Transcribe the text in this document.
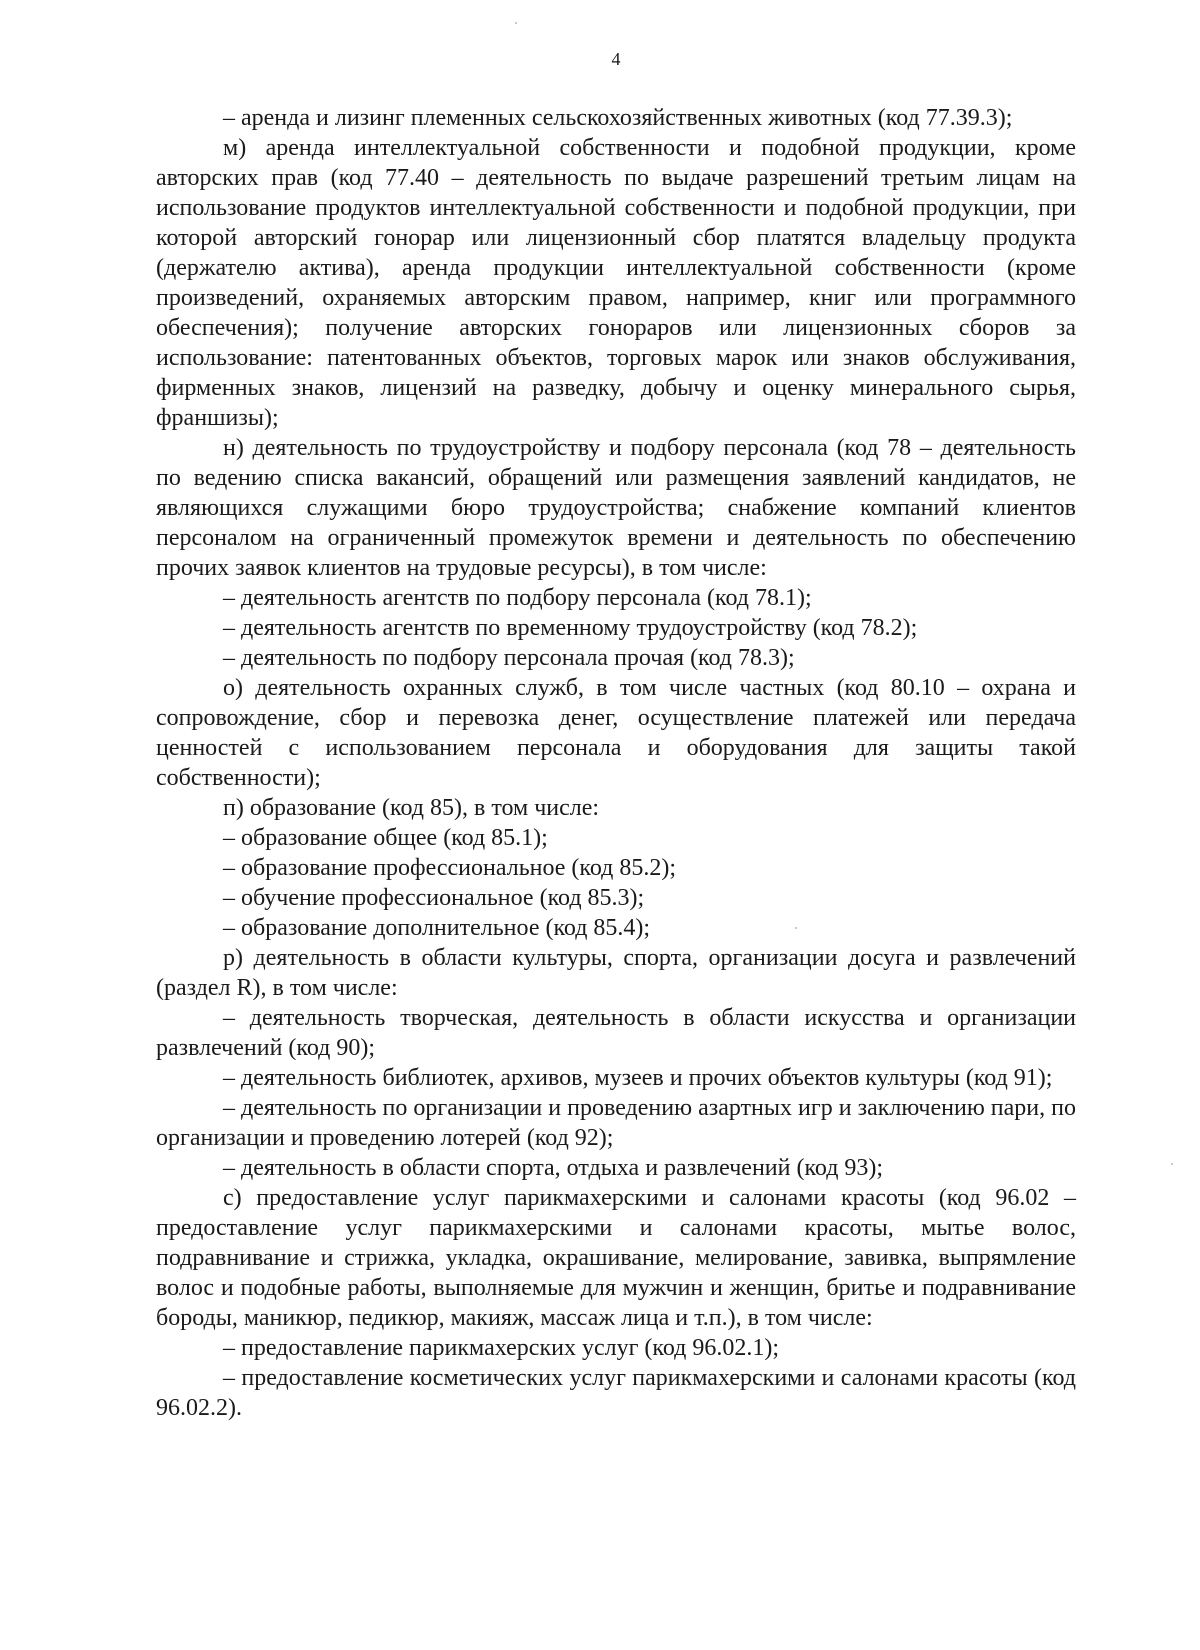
4

– аренда и лизинг племенных сельскохозяйственных животных (код 77.39.3);

м) аренда интеллектуальной собственности и подобной продукции, кроме авторских прав (код 77.40 – деятельность по выдаче разрешений третьим лицам на использование продуктов интеллектуальной собственности и подобной продукции, при которой авторский гонорар или лицензионный сбор платятся владельцу продукта (держателю актива), аренда продукции интеллектуальной собственности (кроме произведений, охраняемых авторским правом, например, книг или программного обеспечения); получение авторских гонораров или лицензионных сборов за использование: патентованных объектов, торговых марок или знаков обслуживания, фирменных знаков, лицензий на разведку, добычу и оценку минерального сырья, франшизы);

н) деятельность по трудоустройству и подбору персонала (код 78 – деятельность по ведению списка вакансий, обращений или размещения заявлений кандидатов, не являющихся служащими бюро трудоустройства; снабжение компаний клиентов персоналом на ограниченный промежуток времени и деятельность по обеспечению прочих заявок клиентов на трудовые ресурсы), в том числе:

– деятельность агентств по подбору персонала (код 78.1);

– деятельность агентств по временному трудоустройству (код 78.2);

– деятельность по подбору персонала прочая (код 78.3);

о) деятельность охранных служб, в том числе частных (код 80.10 – охрана и сопровождение, сбор и перевозка денег, осуществление платежей или передача ценностей с использованием персонала и оборудования для защиты такой собственности);

п) образование (код 85), в том числе:

– образование общее (код 85.1);

– образование профессиональное (код 85.2);

– обучение профессиональное (код 85.3);

– образование дополнительное (код 85.4);

р) деятельность в области культуры, спорта, организации досуга и развлечений (раздел R), в том числе:

– деятельность творческая, деятельность в области искусства и организации развлечений (код 90);

– деятельность библиотек, архивов, музеев и прочих объектов культуры (код 91);

– деятельность по организации и проведению азартных игр и заключению пари, по организации и проведению лотерей (код 92);

– деятельность в области спорта, отдыха и развлечений (код 93);

с) предоставление услуг парикмахерскими и салонами красоты (код 96.02 – предоставление услуг парикмахерскими и салонами красоты, мытье волос, подравнивание и стрижка, укладка, окрашивание, мелирование, завивка, выпрямление волос и подобные работы, выполняемые для мужчин и женщин, бритье и подравнивание бороды, маникюр, педикюр, макияж, массаж лица и т.п.), в том числе:

– предоставление парикмахерских услуг (код 96.02.1);

– предоставление косметических услуг парикмахерскими и салонами красоты (код 96.02.2).
